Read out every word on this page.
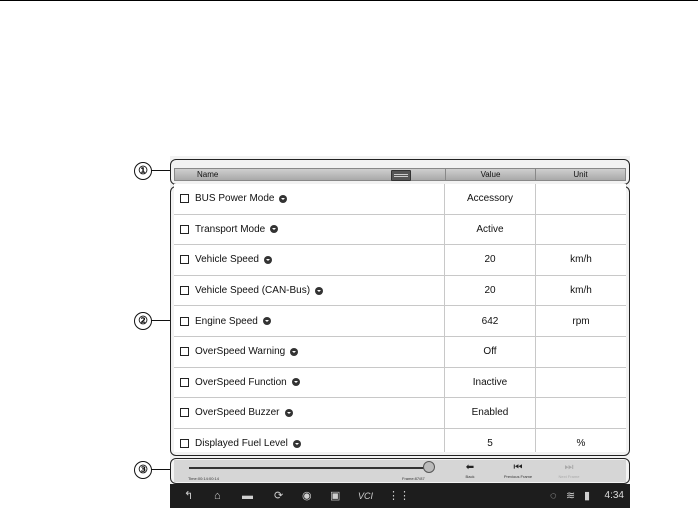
①
②
③
Name	Value	Unit
BUS Power Mode	Accessory
Transport Mode	Active
Vehicle Speed	20	km/h
Vehicle Speed (CAN-Bus)	20	km/h
Engine Speed	642	rpm
OverSpeed Warning	Off
OverSpeed Function	Inactive
OverSpeed Buzzer	Enabled
Displayed Fuel Level	5	%
Time:00:14:00:14	Frame:87/87
⬅
Back
⏮
Previous Frame
⏭
Next Frame
↰ ⌂ ▬ ⟳ ◉ ▣ VCI ⋮⋮	◌ ≋ ▮ 4:34
